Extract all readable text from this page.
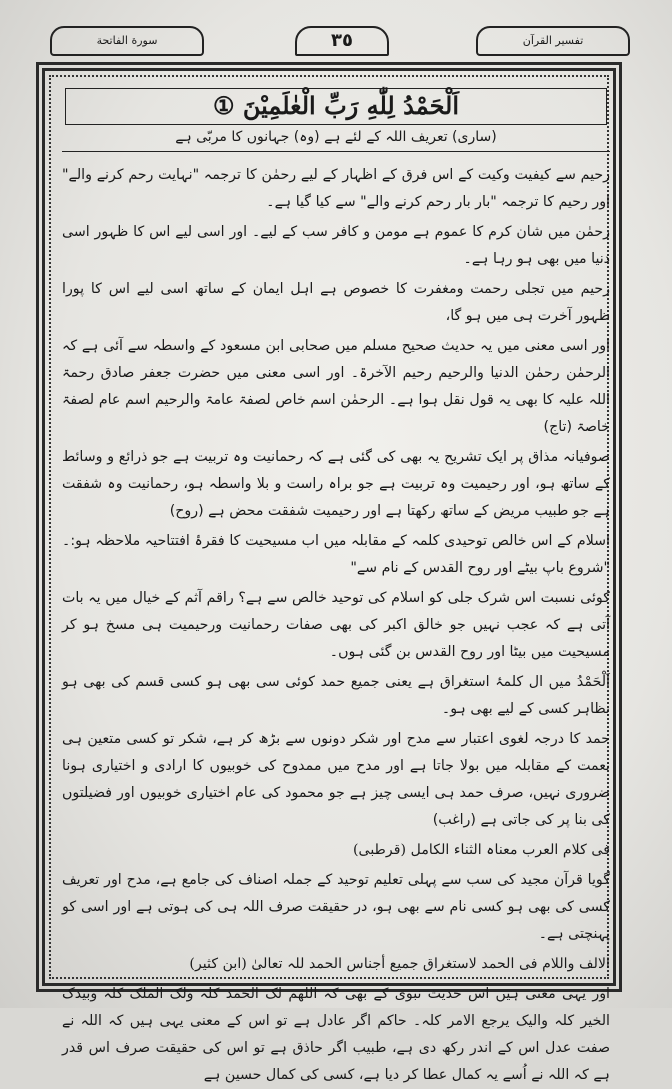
سورة الفاتحة	٣٥	تفسير القرآن
اَلْحَمْدُ لِلّٰهِ رَبِّ الْعٰلَمِيْنَ ①
(ساری) تعریف اللہ کے لئے ہے (وہ) جہانوں کا مربّی ہے

رحیم سے کیفیت وکیت کے اس فرق کے اظہار کے لیے رحمٰن کا ترجمہ "نہایت رحم کرنے والے" اور رحیم کا ترجمہ "بار بار رحم کرنے والے" سے کیا گیا ہے۔

رحمٰن میں شان کرم کا عموم ہے مومن و کافر سب کے لیے۔ اور اسی لیے اس کا ظہور اسی دنیا میں بھی ہو رہا ہے۔

رحیم میں تجلی رحمت ومغفرت کا خصوص ہے اہل ایمان کے ساتھ اسی لیے اس کا پورا ظہور آخرت ہی میں ہو گا،

اور اسی معنی میں یہ حدیث صحیح مسلم میں صحابی ابن مسعود کے واسطہ سے آئی ہے کہ الرحمٰن رحمٰن الدنیا والرحیم رحیم الآخرۃ۔ اور اسی معنی میں حضرت جعفر صادق رحمۃ اللہ علیہ کا بھی یہ قول نقل ہوا ہے۔ الرحمٰن اسم خاص لصفۃ عامۃ والرحیم اسم عام لصفۃ خاصۃ (تاج)

صوفیانہ مذاق پر ایک تشریح یہ بھی کی گئی ہے کہ رحمانیت وہ تربیت ہے جو ذرائع و وسائط کے ساتھ ہو، اور رحیمیت وہ تربیت ہے جو براہ راست و بلا واسطہ ہو، رحمانیت وہ شفقت ہے جو طبیب مریض کے ساتھ رکھتا ہے اور رحیمیت شفقت محض ہے (روح)

اسلام کے اس خالص توحیدی کلمہ کے مقابلہ میں اب مسیحیت کا فقرۂ افتتاحیہ ملاحظہ ہو:۔ "شروع باپ بیٹے اور روح القدس کے نام سے"

کوئی نسبت اس شرک جلی کو اسلام کی توحید خالص سے ہے؟ راقم آثم کے خیال میں یہ بات آتی ہے کہ عجب نہیں جو خالق اکبر کی بھی صفات رحمانیت ورحیمیت ہی مسخ ہو کر مسیحیت میں بیٹا اور روح القدس بن گئی ہوں۔

اَلْحَمْدُ میں ال کلمۂ استغراق ہے یعنی جمیع حمد کوئی سی بھی ہو کسی قسم کی بھی ہو بظاہر کسی کے لیے بھی ہو۔

حمد کا درجہ لغوی اعتبار سے مدح اور شکر دونوں سے بڑھ کر ہے، شکر تو کسی متعین ہی نعمت کے مقابلہ میں بولا جاتا ہے اور مدح میں ممدوح کی خوبیوں کا ارادی و اختیاری ہونا ضروری نہیں، صرف حمد ہی ایسی چیز ہے جو محمود کی عام اختیاری خوبیوں اور فضیلتوں کی بنا پر کی جاتی ہے (راغب)

فی کلام العرب معناہ الثناء الکامل (قرطبی)

گویا قرآن مجید کی سب سے پہلی تعلیم توحید کے جملہ اصناف کی جامع ہے، مدح اور تعریف کسی کی بھی ہو کسی نام سے بھی ہو، در حقیقت صرف اللہ ہی کی ہوتی ہے اور اسی کو پہنچتی ہے۔

الالف واللام فی الحمد لاستغراق جمیع أجناس الحمد للہ تعالیٰ (ابن کثیر)

اور یہی معنی ہیں اس حدیث نبوی کے بھی کہ اللھم لک الحمد کلہ ولک الملک کلہ وبیدک الخیر کلہ والیک یرجع الامر کلہ۔ حاکم اگر عادل ہے تو اس کے معنی یہی ہیں کہ اللہ نے صفت عدل اس کے اندر رکھ دی ہے، طبیب اگر حاذق ہے تو اس کی حقیقت صرف اس قدر ہے کہ اللہ نے اُسے یہ کمال عطا کر دیا ہے، کسی کی کمال حسین ہے
